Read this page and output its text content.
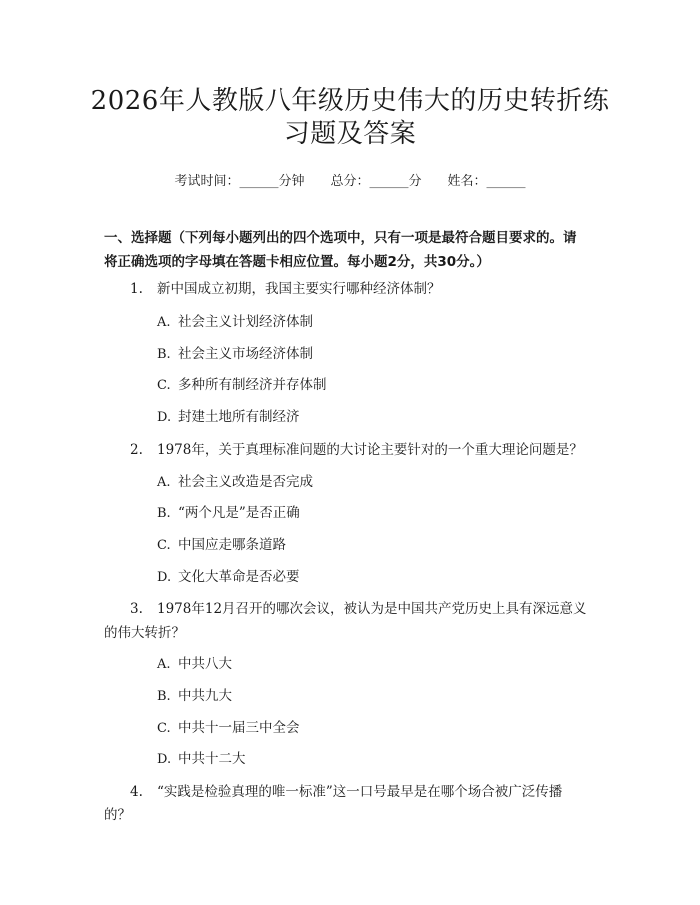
2026年人教版八年级历史伟大的历史转折练
习题及答案
考试时间：______分钟 总分：______分 姓名：______
一、选择题（下列每小题列出的四个选项中，只有一项是最符合题目要求的。请
将正确选项的字母填在答题卡相应位置。每小题2分，共30分。）
1. 新中国成立初期，我国主要实行哪种经济体制？
A. 社会主义计划经济体制
B. 社会主义市场经济体制
C. 多种所有制经济并存体制
D. 封建土地所有制经济
2. 1978年，关于真理标准问题的大讨论主要针对的一个重大理论问题是？
A. 社会主义改造是否完成
B. “两个凡是”是否正确
C. 中国应走哪条道路
D. 文化大革命是否必要
3. 1978年12月召开的哪次会议，被认为是中国共产党历史上具有深远意义
的伟大转折？
A. 中共八大
B. 中共九大
C. 中共十一届三中全会
D. 中共十二大
4. “实践是检验真理的唯一标准”这一口号最早是在哪个场合被广泛传播
的？
